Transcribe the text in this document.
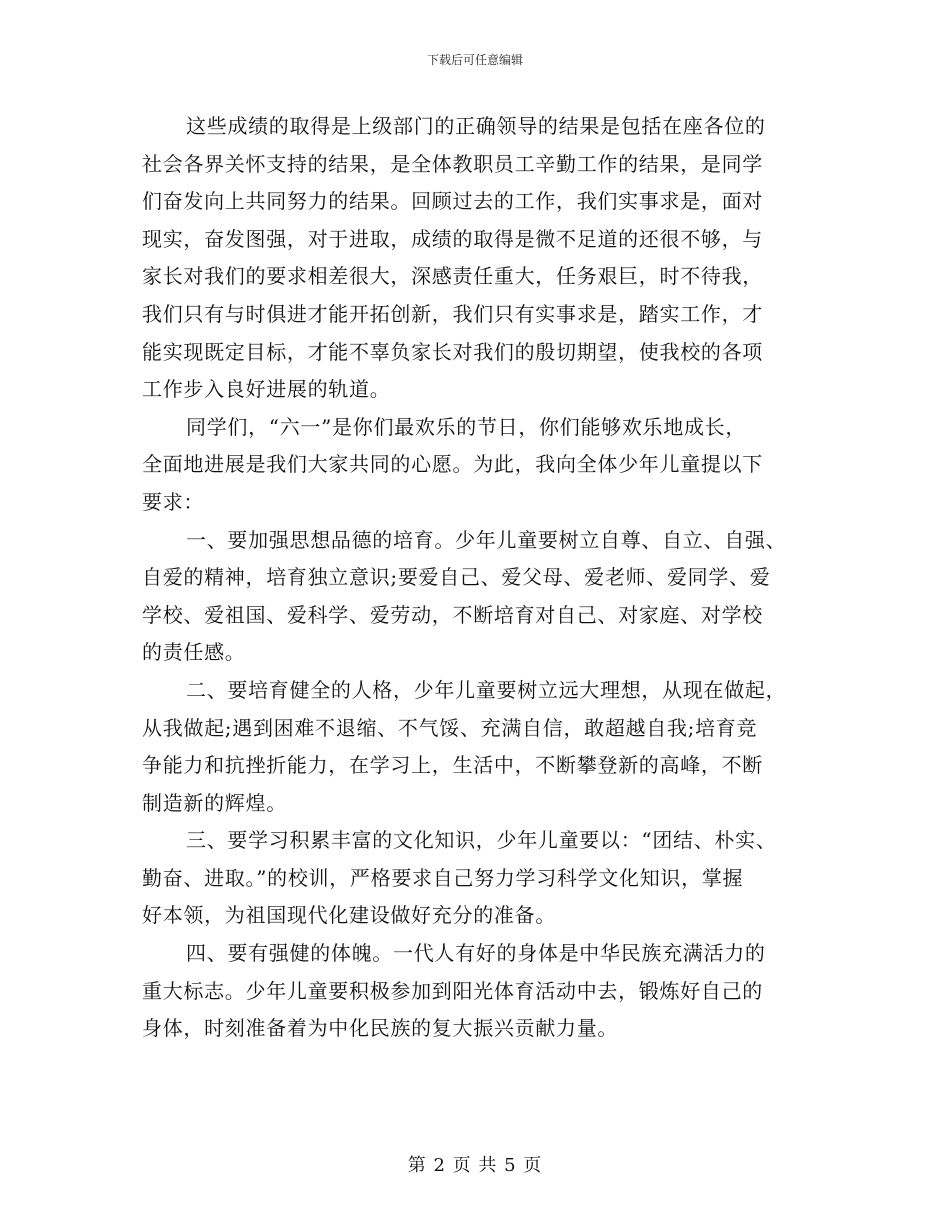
下载后可任意编辑
这些成绩的取得是上级部门的正确领导的结果是包括在座各位的
社会各界关怀支持的结果，是全体教职员工辛勤工作的结果，是同学
们奋发向上共同努力的结果。回顾过去的工作，我们实事求是，面对
现实，奋发图强，对于进取，成绩的取得是微不足道的还很不够，与
家长对我们的要求相差很大，深感责任重大，任务艰巨，时不待我，
我们只有与时俱进才能开拓创新，我们只有实事求是，踏实工作，才
能实现既定目标，才能不辜负家长对我们的殷切期望，使我校的各项
工作步入良好进展的轨道。
同学们，“六一”是你们最欢乐的节日，你们能够欢乐地成长，
全面地进展是我们大家共同的心愿。为此，我向全体少年儿童提以下
要求：
一、要加强思想品德的培育。少年儿童要树立自尊、自立、自强、
自爱的精神，培育独立意识;要爱自己、爱父母、爱老师、爱同学、爱
学校、爱祖国、爱科学、爱劳动，不断培育对自己、对家庭、对学校
的责任感。
二、要培育健全的人格，少年儿童要树立远大理想，从现在做起，
从我做起;遇到困难不退缩、不气馁、充满自信，敢超越自我;培育竞
争能力和抗挫折能力，在学习上，生活中，不断攀登新的高峰，不断
制造新的辉煌。
三、要学习积累丰富的文化知识，少年儿童要以：“团结、朴实、
勤奋、进取。”的校训，严格要求自己努力学习科学文化知识，掌握
好本领，为祖国现代化建设做好充分的准备。
四、要有强健的体魄。一代人有好的身体是中华民族充满活力的
重大标志。少年儿童要积极参加到阳光体育活动中去，锻炼好自己的
身体，时刻准备着为中化民族的复大振兴贡献力量。
第 2 页 共 5 页
